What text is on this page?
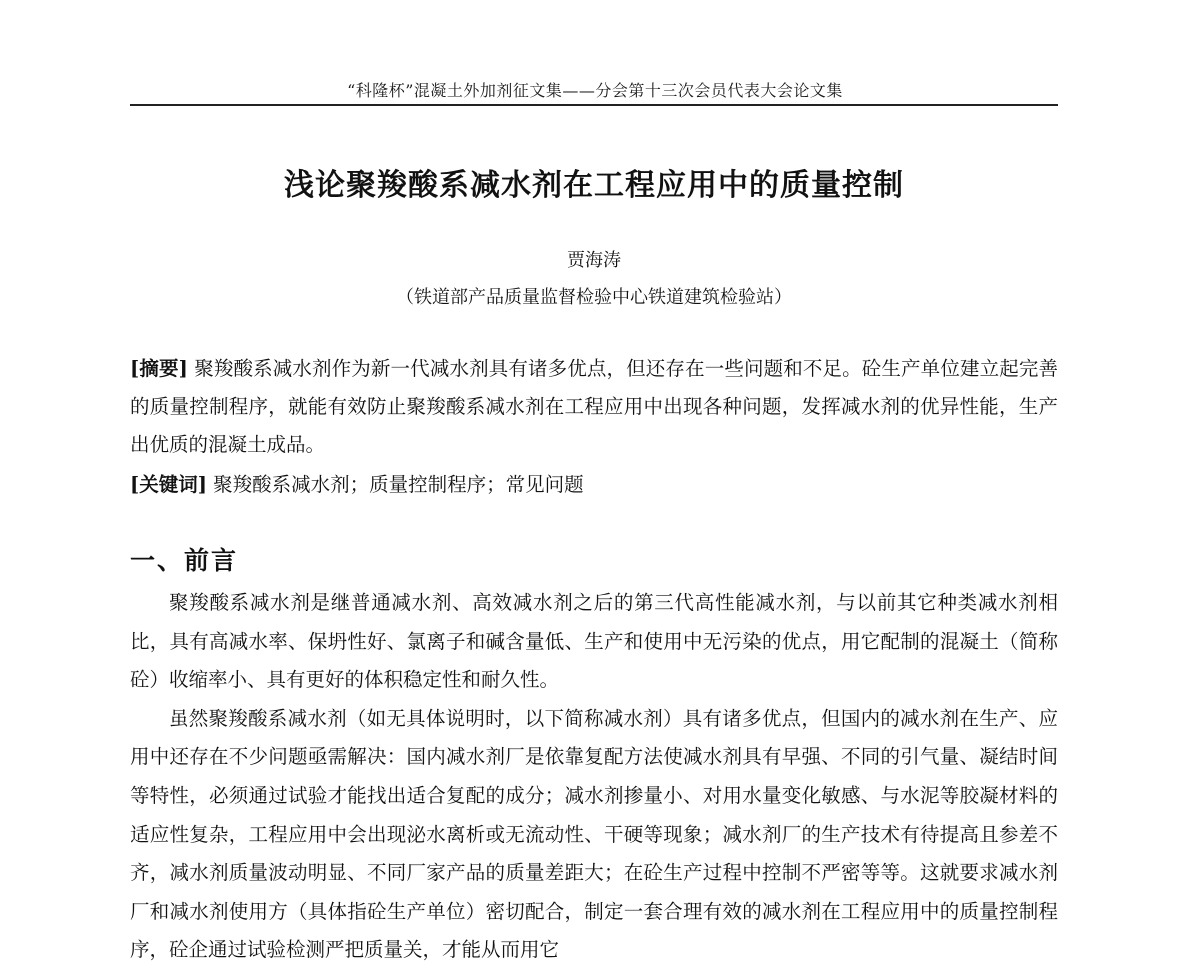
“科隆杯”混凝土外加剂征文集——分会第十三次会员代表大会论文集
浅论聚羧酸系减水剂在工程应用中的质量控制
贾海涛
（铁道部产品质量监督检验中心铁道建筑检验站）
[摘要] 聚羧酸系减水剂作为新一代减水剂具有诸多优点，但还存在一些问题和不足。砼生产单位建立起完善的质量控制程序，就能有效防止聚羧酸系减水剂在工程应用中出现各种问题，发挥减水剂的优异性能，生产出优质的混凝土成品。
[关键词] 聚羧酸系减水剂；质量控制程序；常见问题
一、前言

聚羧酸系减水剂是继普通减水剂、高效减水剂之后的第三代高性能减水剂，与以前其它种类减水剂相比，具有高减水率、保坍性好、氯离子和碱含量低、生产和使用中无污染的优点，用它配制的混凝土（简称砼）收缩率小、具有更好的体积稳定性和耐久性。

虽然聚羧酸系减水剂（如无具体说明时，以下简称减水剂）具有诸多优点，但国内的减水剂在生产、应用中还存在不少问题亟需解决：国内减水剂厂是依靠复配方法使减水剂具有早强、不同的引气量、凝结时间等特性，必须通过试验才能找出适合复配的成分；减水剂掺量小、对用水量变化敏感、与水泥等胶凝材料的适应性复杂，工程应用中会出现泌水离析或无流动性、干硬等现象；减水剂厂的生产技术有待提高且参差不齐，减水剂质量波动明显、不同厂家产品的质量差距大；在砼生产过程中控制不严密等等。这就要求减水剂厂和减水剂使用方（具体指砼生产单位）密切配合，制定一套合理有效的减水剂在工程应用中的质量控制程序，砼企通过试验检测严把质量关，才能从而用它
